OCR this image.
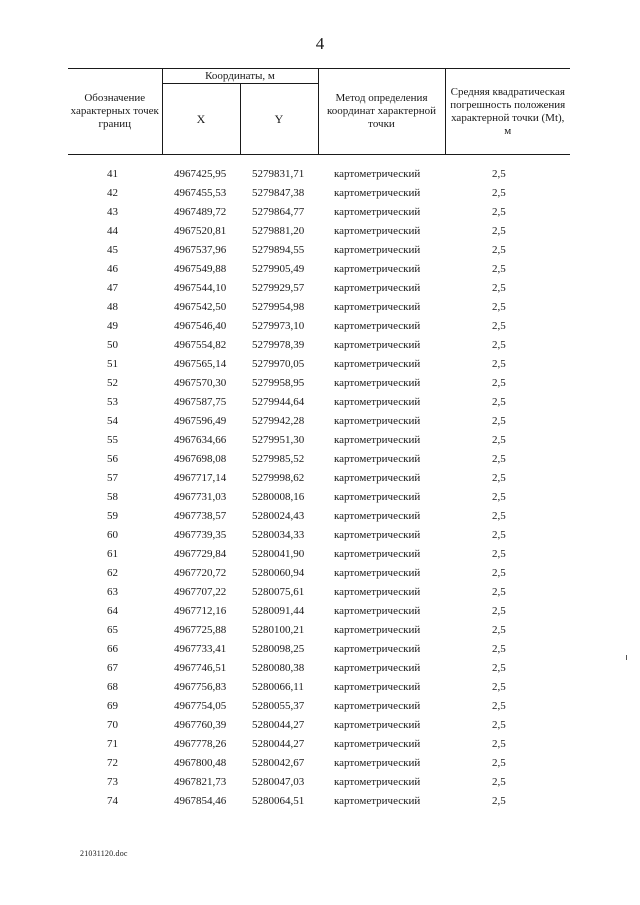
4
Обозначение характерных точек границ	Координаты, м		Метод определения координат характерной точки	Средняя квадратическая погрешность положения характерной точки (Mt), м
	X	Y		

41	4967425,95	5279831,71	картометрический	2,5
42	4967455,53	5279847,38	картометрический	2,5
43	4967489,72	5279864,77	картометрический	2,5
44	4967520,81	5279881,20	картометрический	2,5
45	4967537,96	5279894,55	картометрический	2,5
46	4967549,88	5279905,49	картометрический	2,5
47	4967544,10	5279929,57	картометрический	2,5
48	4967542,50	5279954,98	картометрический	2,5
49	4967546,40	5279973,10	картометрический	2,5
50	4967554,82	5279978,39	картометрический	2,5
51	4967565,14	5279970,05	картометрический	2,5
52	4967570,30	5279958,95	картометрический	2,5
53	4967587,75	5279944,64	картометрический	2,5
54	4967596,49	5279942,28	картометрический	2,5
55	4967634,66	5279951,30	картометрический	2,5
56	4967698,08	5279985,52	картометрический	2,5
57	4967717,14	5279998,62	картометрический	2,5
58	4967731,03	5280008,16	картометрический	2,5
59	4967738,57	5280024,43	картометрический	2,5
60	4967739,35	5280034,33	картометрический	2,5
61	4967729,84	5280041,90	картометрический	2,5
62	4967720,72	5280060,94	картометрический	2,5
63	4967707,22	5280075,61	картометрический	2,5
64	4967712,16	5280091,44	картометрический	2,5
65	4967725,88	5280100,21	картометрический	2,5
66	4967733,41	5280098,25	картометрический	2,5
67	4967746,51	5280080,38	картометрический	2,5
68	4967756,83	5280066,11	картометрический	2,5
69	4967754,05	5280055,37	картометрический	2,5
70	4967760,39	5280044,27	картометрический	2,5
71	4967778,26	5280044,27	картометрический	2,5
72	4967800,48	5280042,67	картометрический	2,5
73	4967821,73	5280047,03	картометрический	2,5
74	4967854,46	5280064,51	картометрический	2,5
21031120.doc
